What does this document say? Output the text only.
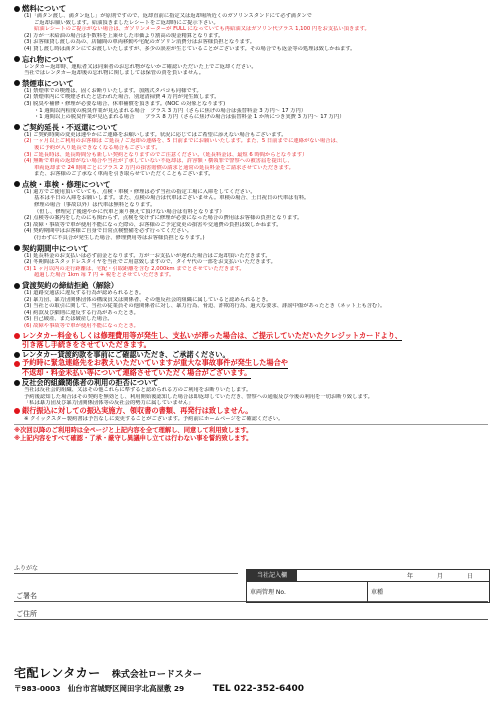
燃料について
(1)「満タン渡し、満タン返し」が原則ですので、返却直前に指定又は返却場所近くのガソリンスタンドにて必ず満タンで
ご返却お願い致します。給油頂きましたレシートをご返却時にご提示下さい。
給油レシートのご提示がない場合は、ガソリンメーターが FULL になっていても再給油又はガソリン代プラス 1,100 円をお支払い頂きます。
(2) 万が一未給油の場合は手数料を上乗せした市価より割高の現金精算となります。
(3) お客様貸し渡しの為の、店舗間の車両移動や宅配のガソリン消費分はお客様負担となります。
(4) 貸し渡し時は満タンにてお渡しいたしますが、多少の誤差が生じていることがございます。その場合でも返金等の処理は致しかねます。
忘れ物について
レンタカー返却時、運転者又は同乗者のお忘れ物がないかご確認いただいた上でご返却ください。
当社ではレンタカー返却後の忘れ物に関しましては保管の責を負いません。
禁煙車について
(1) 禁煙車での喫煙は、固くお断りいたします。加熱式タバコも同様です。
(2) 禁煙車内にて喫煙されたと思われた場合、別途清掃費 4 万円が発生致します。
(3) 脱臭や補修・修理が必要な場合、休車補償を頂きます。(NOC の対象となります)
・1 週間以内程度の脱臭作業が見込まれる場合　プラス 3 万円（さらに焦げの場合は張替料金 3 万円〜 17 万円）
・1 週間以上の脱臭作業が見込まれる場合　　プラス 8 万円（さらに焦げの場合は張替料金 1 か所につき実費 3 万円〜 17 万円）
ご契約延長・不返還について
(1) ご契約時間の変更は速やかにご連絡をお願いします。状況に応じてはご希望に添えない場合もございます。
(2) 一ヶ月以上ご利用のお客様は ご延長 / ご返却の連絡を、5 日前までにお願いいたします。また、5 日前までに連絡がない場合は、
後に予約が入り延長できなくなる場合もございます。
(3) ご延長時は、延長時間分も新しい契約となりますのでご注意ください。（延長料金は、最短 6 時間からとなります）
(4) 無断で車両の返却がない場合や当社が了承していない不返却は、許容額・横領罪で警察への被害届を提出し、
車両返却まで 24 時間ごとにプラス 2 万円の損害賠償の請求と通常の延長料金をご請求させていただきます。
また、お客様のご了承なく車両を引き取らせていただくこともございます。
点検・車検・修理について
(1) 還方でご使用頂いていても、点検・車検・修理は必ず当社の指定工場に入庫をしてください。
基本は平日の入庫をお願いします。また、点検の場合は代車はございません。車検の場合、土日祝日の代車は有料。
修理の場合（事故以外）は代車は無料となります。
（但し、修理完了後速やかに代車と乗り換えて頂けない場合は有料となります）
(2) 点検等の案内をしたのにも関わらず、点検を受けずに修理が必要になった場合の費用はお客様の負担となります。
(3) 故障・事故等で車が使用不能になった際の、お客様のご予定変更の損害や交通費の負担は致しかねます。
(4) 契約期間中はお客様ご自身で日常点検整備を必ず行ってください。
(行わずに不具合が発生した場合、修理費用等はお客様負担となります。)
契約期間中について
(1) 延長料金のお支払いは必ず前金となります。万が一お支払いが遅れた場合はご返却頂いただきます。
(2) 冬期間はスタッドレスタイヤを当社でご用意致しますので、タイヤ代の一部をお支払いいただきます。
(3) 1 ヶ月以内の走行距離は、宅配・引取距離を含む 2,000km までとさせていただきます。
超過した場合 1km 毎 7 円 + 税をとさせていただきます。
貸渡契約の締結拒絶（解除）
(1) 道路交通法に違反する行為が認められるとき。
(2) 暴力団、暴力団関係団体の構成員又は関係者、その他反社会的組織に属していると認められるとき。
(3) 当社との取引に関して、当社の従業員その他関係者に対し、暴力行為、脅迫、詐欺的行為、過大な要求、誹謗中傷があったとき（ネット上も含む）。
(4) 約款及び細則に違反する行為があったとき。
(5) 自己破産、または破産した場合。
(6) 故障や事故等で車が使用不能になったとき。
レンタカー料金もしくは修理費用等が発生し、支払いが滞った場合は、ご提示していただいたクレジットカードより、
引き落し手続きをさせていただきます。
レンタカー貸渡約款を事前にご確認いただき、ご承諾ください。
予約時に緊急連絡先をお教えいただいていますが重大な事故事件が発生した場合や
不返却・料金未払い等について連絡させていただく場合がございます。
反社会的組織関係者の利用の拒否について
当社は反社会的組織、又はその他これらに準ずると認められる方のご利用をお断りいたします。
予約後認知した場合はその契約を無効とし、利用開始後認知した場合は即返却していただき、警察への通報及び今後の利用を一切お断り致します。
「私は暴力団及び暴力団関係団体等の反社会的勢力に属していません」
銀行振込に対しての振込実施方、領収書の書類、再発行は致しません。
※ クイックスター製約書は予告なしに変更することがございます。予約前にホームページをご確認ください。
※次回以降のご利用時は全ページと上記内容を全て理解し、同意して利用致します。
※上記内容をすべて確認・了承・厳守し異議申し立ては行わない事を誓約致します。
ふりがな
ご署名
ご住所
当社記入欄	年	月	日
車両管理 No.	車種
宅配レンタカー 株式会社ロードスター
〒983-0003　仙台市宮城野区岡田字北高屋敷 29	TEL 022-352-6400
